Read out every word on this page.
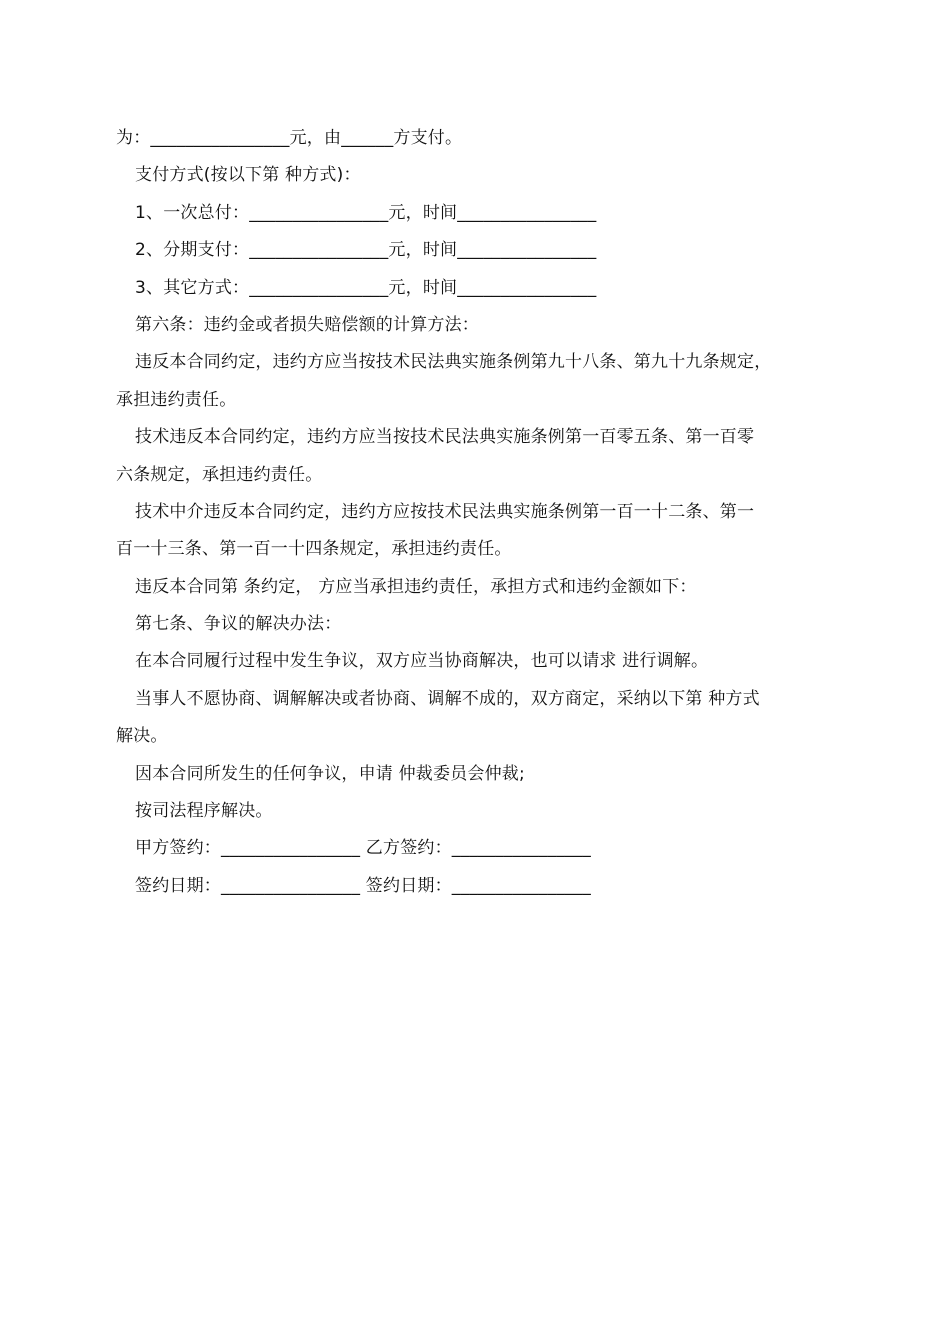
为：________________元，由______方支付。
支付方式(按以下第 种方式)：
1、一次总付：________________元，时间________________
2、分期支付：________________元，时间________________
3、其它方式：________________元，时间________________
第六条：违约金或者损失赔偿额的计算方法：
违反本合同约定，违约方应当按技术民法典实施条例第九十八条、第九十九条规定，
承担违约责任。
技术违反本合同约定，违约方应当按技术民法典实施条例第一百零五条、第一百零
六条规定，承担违约责任。
技术中介违反本合同约定，违约方应按技术民法典实施条例第一百一十二条、第一
百一十三条、第一百一十四条规定，承担违约责任。
违反本合同第 条约定， 方应当承担违约责任，承担方式和违约金额如下：
第七条、争议的解决办法：
在本合同履行过程中发生争议，双方应当协商解决，也可以请求 进行调解。
当事人不愿协商、调解解决或者协商、调解不成的，双方商定，采纳以下第 种方式
解决。
因本合同所发生的任何争议，申请 仲裁委员会仲裁;
按司法程序解决。
甲方签约：________________ 乙方签约：________________
签约日期：________________ 签约日期：________________
